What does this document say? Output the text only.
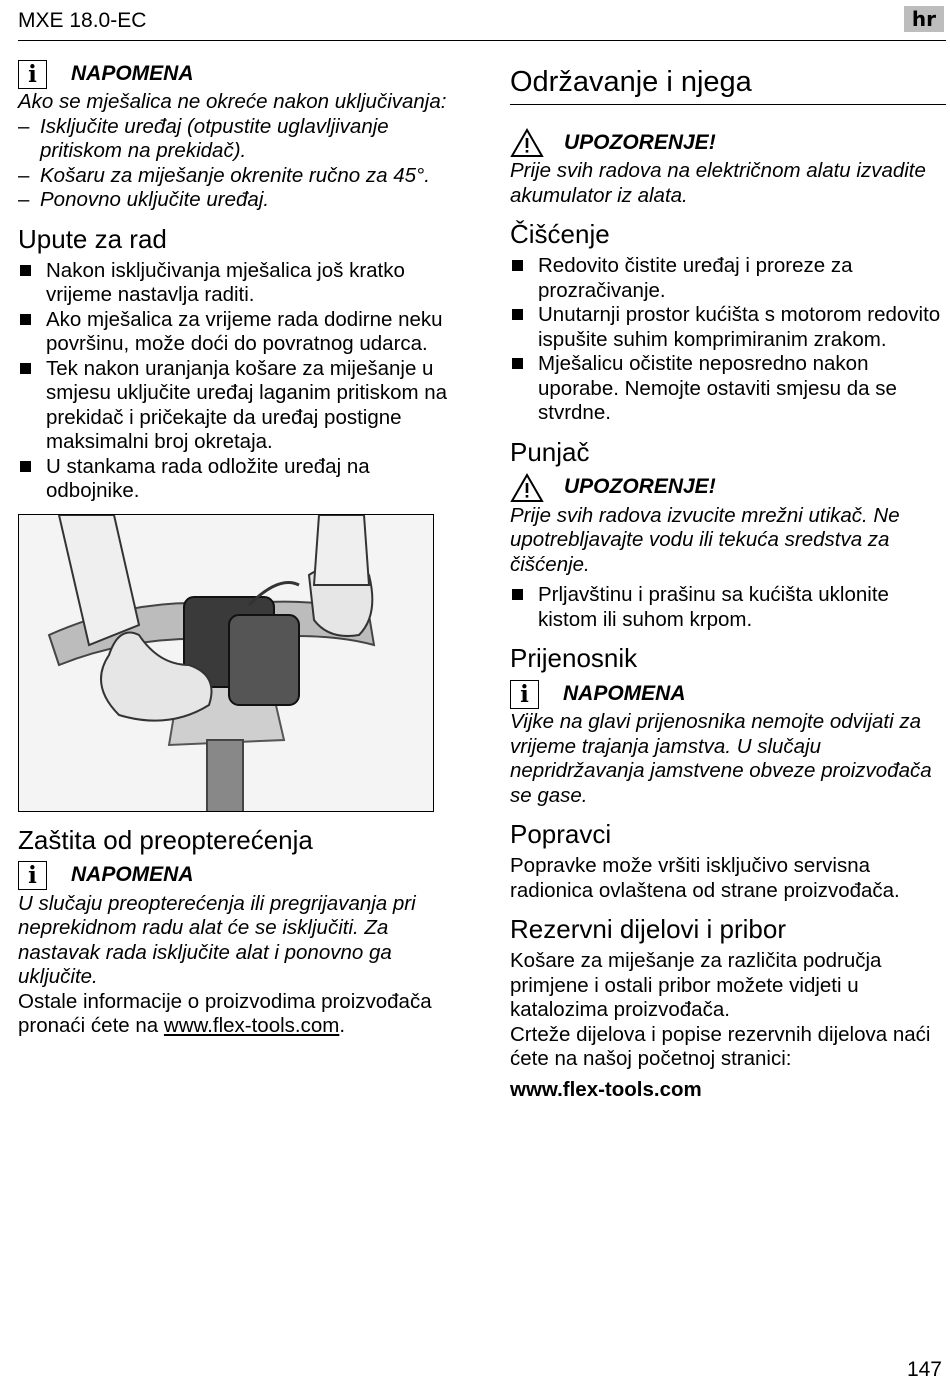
MXE 18.0-EC	hr
i	NAPOMENA

Ako se mješalica ne okreće nakon uključivanja:

– Isključite uređaj (otpustite uglavljivanje pritiskom na prekidač).
– Košaru za miješanje okrenite ručno za 45°.
– Ponovno uključite uređaj.
Upute za rad
Nakon isključivanja mješalica još kratko vrijeme nastavlja raditi.
Ako mješalica za vrijeme rada dodirne neku površinu, može doći do povratnog udarca.
Tek nakon uranjanja košare za miješanje u smjesu uključite uređaj laganim pritiskom na prekidač i pričekajte da uređaj postigne maksimalni broj okretaja.
U stankama rada odložite uređaj na odbojnike.
Zaštita od preopterećenja
i	NAPOMENA

U slučaju preopterećenja ili pregrijavanja pri neprekidnom radu alat će se isključiti. Za nastavak rada isključite alat i ponovno ga uključite.

Ostale informacije o proizvodima proizvođača pronaći ćete na www.flex-tools.com.

Održavanje i njega
UPOZORENJE!

Prije svih radova na električnom alatu izvadite akumulator iz alata.

Čišćenje
Redovito čistite uređaj i proreze za prozračivanje.
Unutarnji prostor kućišta s motorom redovito ispušite suhim komprimiranim zrakom.
Mješalicu očistite neposredno nakon uporabe. Nemojte ostaviti smjesu da se stvrdne.
Punjač
UPOZORENJE!

Prije svih radova izvucite mrežni utikač. Ne upotrebljavajte vodu ili tekuća sredstva za čišćenje.

Prljavštinu i prašinu sa kućišta uklonite kistom ili suhom krpom.
Prijenosnik
i	NAPOMENA

Vijke na glavi prijenosnika nemojte odvijati za vrijeme trajanja jamstva. U slučaju nepridržavanja jamstvene obveze proizvođača se gase.

Popravci

Popravke može vršiti isključivo servisna radionica ovlaštena od strane proizvođača.

Rezervni dijelovi i pribor

Košare za miješanje za različita područja primjene i ostali pribor možete vidjeti u katalozima proizvođača.

Crteže dijelova i popise rezervnih dijelova naći ćete na našoj početnoj stranici:

www.flex-tools.com

147
